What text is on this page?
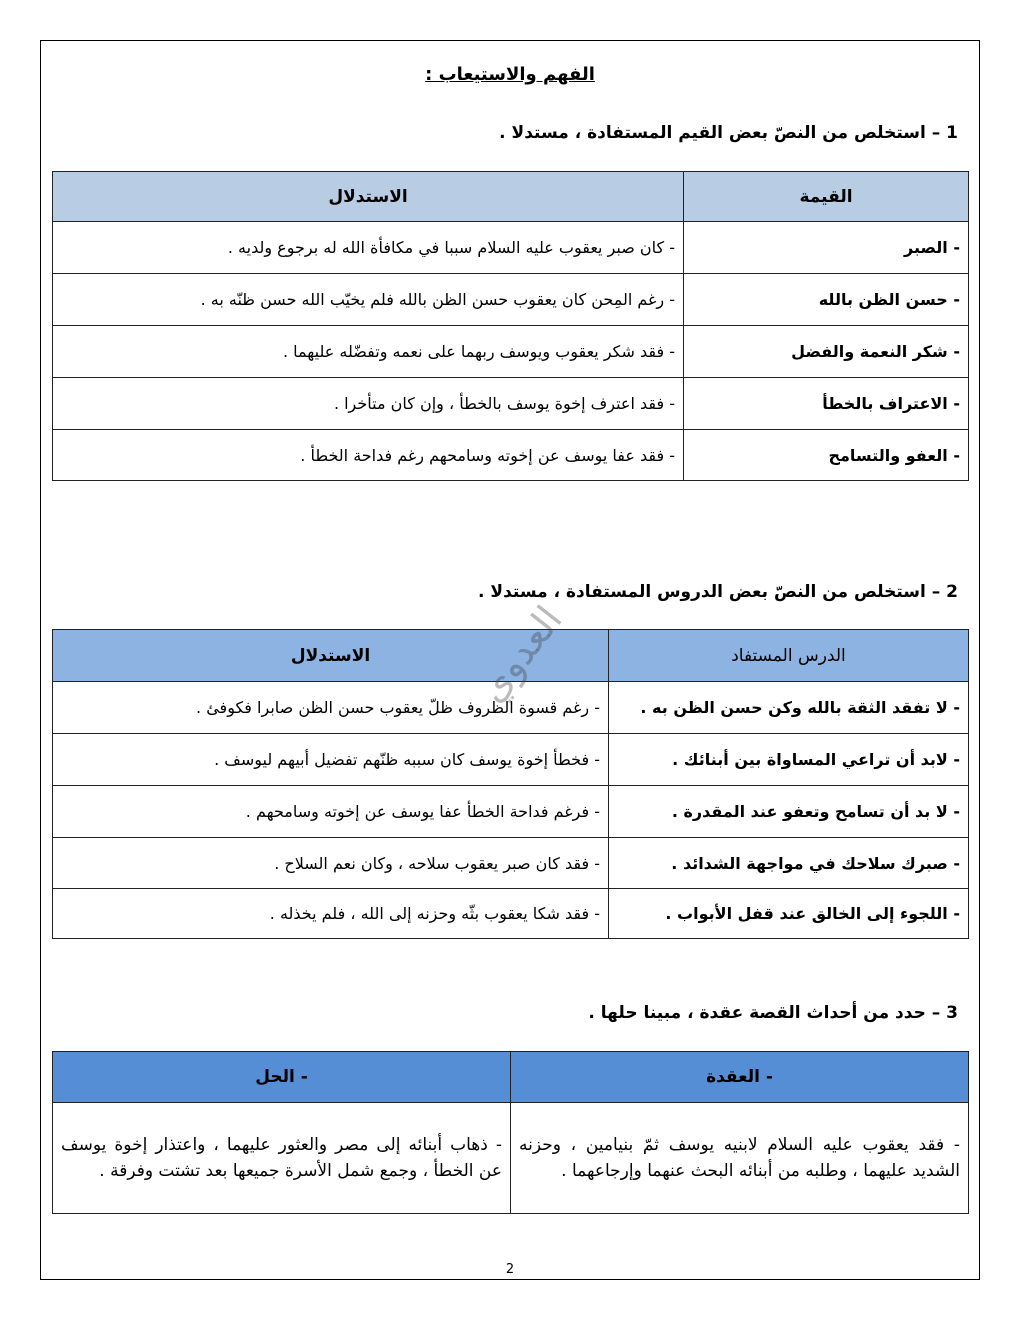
الفهم والاستيعاب :
1 – استخلص من النصّ بعض القيم المستفادة ، مستدلا .
القيمة	الاستدلال
- الصبر	- كان صبر يعقوب عليه السلام سببا في مكافأة الله له برجوع ولديه .
- حسن الظن بالله	- رغم المِحن كان يعقوب حسن الظن بالله فلم يخيّب الله حسن ظنّه به .
- شكر النعمة والفضل	- فقد شكر يعقوب ويوسف ربهما على نعمه وتفضّله عليهما .
- الاعتراف بالخطأ	- فقد اعترف إخوة يوسف بالخطأ ، وإن كان متأخرا .
- العفو والتسامح	- فقد عفا يوسف عن إخوته وسامحهم رغم فداحة الخطأ .
2 – استخلص من النصّ بعض الدروس المستفادة ، مستدلا .
الدرس المستفاد	الاستدلال
- لا تفقد الثقة بالله وكن حسن الظن به .	- رغم قسوة الظروف ظلّ يعقوب حسن الظن صابرا فكوفئ .
- لابد أن تراعي المساواة بين أبنائك .	- فخطأ إخوة يوسف كان سببه ظنّهم تفضيل أبيهم ليوسف .
- لا بد أن تسامح وتعفو عند المقدرة .	- فرغم فداحة الخطأ عفا يوسف عن إخوته وسامحهم .
- صبرك سلاحك في مواجهة الشدائد .	- فقد كان صبر يعقوب سلاحه ، وكان نعم السلاح .
- اللجوء إلى الخالق عند قفل الأبواب .	- فقد شكا يعقوب بثّه وحزنه إلى الله ، فلم يخذله .
العدوي
3 – حدد من أحداث القصة عقدة ، مبينا حلها .
- العقدة	- الحل
- فقد يعقوب عليه السلام لابنيه يوسف ثمّ بنيامين ، وحزنه الشديد عليهما ، وطلبه من أبنائه البحث عنهما وإرجاعهما .	- ذهاب أبنائه إلى مصر والعثور عليهما ، واعتذار إخوة يوسف عن الخطأ ، وجمع شمل الأسرة جميعها بعد تشتت وفرقة .
2
